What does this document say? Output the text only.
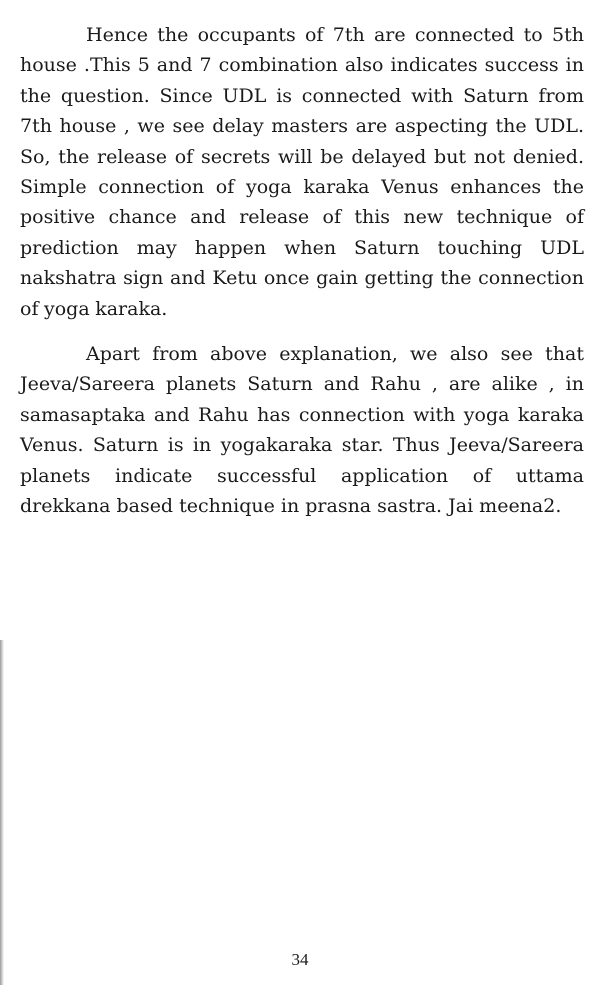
Hence the occupants of 7th are connected to 5th house .This 5 and 7 combination also indicates success in the question. Since UDL is connected with Saturn from 7th house , we see delay masters are aspecting the UDL. So, the release of secrets will be delayed but not denied. Simple connection of yoga karaka Venus enhances the positive chance and release of this new technique of prediction may happen when Saturn touching UDL nakshatra sign and Ketu once gain getting the connection of yoga karaka.

Apart from above explanation, we also see that Jeeva/Sareera planets Saturn and Rahu , are alike , in samasaptaka and Rahu has connection with yoga karaka Venus. Saturn is in yogakaraka star. Thus Jeeva/Sareera planets indicate successful application of uttama drekkana based technique in prasna sastra. Jai meena2.

34
